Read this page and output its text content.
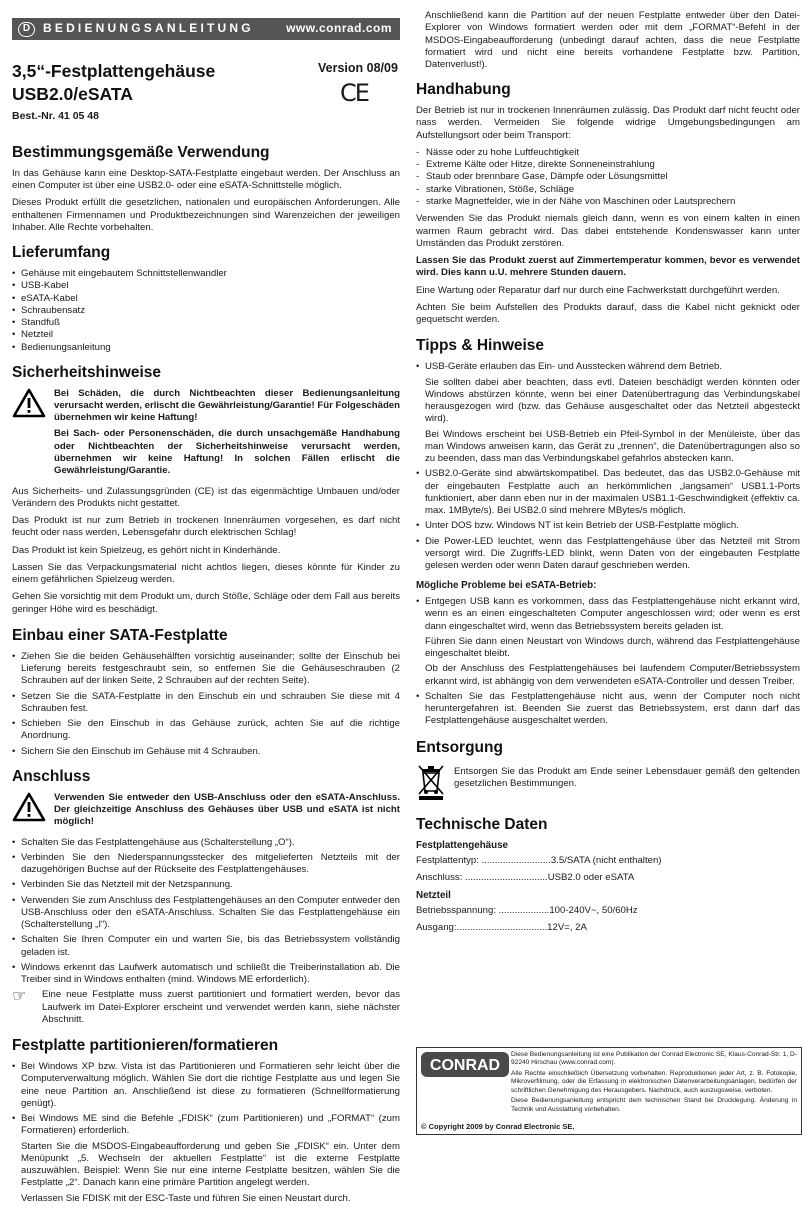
D	BEDIENUNGSANLEITUNG	www.conrad.com
3,5“-Festplattengehäuse
USB2.0/eSATA
Version 08/09
CE
Best.-Nr. 41 05 48
Bestimmungsgemäße Verwendung

In das Gehäuse kann eine Desktop-SATA-Festplatte eingebaut werden. Der Anschluss an einen Computer ist über eine USB2.0- oder eine eSATA-Schnittstelle möglich.

Dieses Produkt erfüllt die gesetzlichen, nationalen und europäischen Anforderungen. Alle enthaltenen Firmennamen und Produktbezeichnungen sind Warenzeichen der jeweiligen Inhaber. Alle Rechte vorbehalten.

Lieferumfang
• Gehäuse mit eingebautem Schnittstellenwandler
• USB-Kabel
• eSATA-Kabel
• Schraubensatz
• Standfuß
• Netzteil
• Bedienungsanleitung
Sicherheitshinweise

Bei Schäden, die durch Nichtbeachten dieser Bedienungsanleitung verursacht werden, erlischt die Gewährleistung/Garantie! Für Folgeschäden übernehmen wir keine Haftung!

Bei Sach- oder Personenschäden, die durch unsachgemäße Handhabung oder Nichtbeachten der Sicherheitshinweise verursacht werden, übernehmen wir keine Haftung! In solchen Fällen erlischt die Gewährleistung/Garantie.

Aus Sicherheits- und Zulassungsgründen (CE) ist das eigenmächtige Umbauen und/oder Verändern des Produkts nicht gestattet.

Das Produkt ist nur zum Betrieb in trockenen Innenräumen vorgesehen, es darf nicht feucht oder nass werden, Lebensgefahr durch elektrischen Schlag!

Das Produkt ist kein Spielzeug, es gehört nicht in Kinderhände.

Lassen Sie das Verpackungsmaterial nicht achtlos liegen, dieses könnte für Kinder zu einem gefährlichen Spielzeug werden.

Gehen Sie vorsichtig mit dem Produkt um, durch Stöße, Schläge oder dem Fall aus bereits geringer Höhe wird es beschädigt.

Einbau einer SATA-Festplatte
• Ziehen Sie die beiden Gehäusehälften vorsichtig auseinander; sollte der Einschub bei Lieferung bereits festgeschraubt sein, so entfernen Sie die Gehäuseschrauben (2 Schrauben auf der linken Seite, 2 Schrauben auf der rechten Seite).
• Setzen Sie die SATA-Festplatte in den Einschub ein und schrauben Sie diese mit 4 Schrauben fest.
• Schieben Sie den Einschub in das Gehäuse zurück, achten Sie auf die richtige Anordnung.
• Sichern Sie den Einschub im Gehäuse mit 4 Schrauben.
Anschluss

Verwenden Sie entweder den USB-Anschluss oder den eSATA-Anschluss. Der gleichzeitige Anschluss des Gehäuses über USB und eSATA ist nicht möglich!

• Schalten Sie das Festplattengehäuse aus (Schalterstellung „O“).
• Verbinden Sie den Niederspannungsstecker des mitgelieferten Netzteils mit der dazugehörigen Buchse auf der Rückseite des Festplattengehäuses.
• Verbinden Sie das Netzteil mit der Netzspannung.
• Verwenden Sie zum Anschluss des Festplattengehäuses an den Computer entweder den USB-Anschluss oder den eSATA-Anschluss. Schalten Sie das Festplattengehäuse ein (Schalterstellung „I“).
• Schalten Sie Ihren Computer ein und warten Sie, bis das Betriebssystem vollständig geladen ist.
• Windows erkennt das Laufwerk automatisch und schließt die Treiberinstallation ab. Die Treiber sind in Windows enthalten (mind. Windows ME erforderlich).
☞	Eine neue Festplatte muss zuerst partitioniert und formatiert werden, bevor das Laufwerk im Datei-Explorer erscheint und verwendet werden kann, siehe nächster Abschnitt.

Festplatte partitionieren/formatieren
• Bei Windows XP bzw. Vista ist das Partitionieren und Formatieren sehr leicht über die Computerverwaltung möglich. Wählen Sie dort die richtige Festplatte aus und legen Sie eine neue Partition an. Anschließend ist diese zu formatieren (Schnellformatierung genügt).
• Bei Windows ME sind die Befehle „FDISK“ (zum Partitionieren) und „FORMAT“ (zum Formatieren) erforderlich.

Starten Sie die MSDOS-Eingabeaufforderung und geben Sie „FDISK“ ein. Unter dem Menüpunkt „5. Wechseln der aktuellen Festplatte“ ist die externe Festplatte auszuwählen. Beispiel: Wenn Sie nur eine interne Festplatte besitzen, wählen Sie die Festplatte „2“. Danach kann eine primäre Partition angelegt werden.

Verlassen Sie FDISK mit der ESC-Taste und führen Sie einen Neustart durch.

Anschließend kann die Partition auf der neuen Festplatte entweder über den Datei-Explorer von Windows formatiert werden oder mit dem „FORMAT“-Befehl in der MSDOS-Eingabeaufforderung (unbedingt darauf achten, dass die neue Festplatte formatiert wird und nicht eine bereits vorhandene Festplatte bzw. Partition, Datenverlust!).

Handhabung

Der Betrieb ist nur in trockenen Innenräumen zulässig. Das Produkt darf nicht feucht oder nass werden. Vermeiden Sie folgende widrige Umgebungsbedingungen am Aufstellungsort oder beim Transport:

- Nässe oder zu hohe Luftfeuchtigkeit
- Extreme Kälte oder Hitze, direkte Sonneneinstrahlung
- Staub oder brennbare Gase, Dämpfe oder Lösungsmittel
- starke Vibrationen, Stöße, Schläge
- starke Magnetfelder, wie in der Nähe von Maschinen oder Lautsprechern

Verwenden Sie das Produkt niemals gleich dann, wenn es von einem kalten in einen warmen Raum gebracht wird. Das dabei entstehende Kondenswasser kann unter Umständen das Produkt zerstören.

Lassen Sie das Produkt zuerst auf Zimmertemperatur kommen, bevor es verwendet wird. Dies kann u.U. mehrere Stunden dauern.

Eine Wartung oder Reparatur darf nur durch eine Fachwerkstatt durchgeführt werden.

Achten Sie beim Aufstellen des Produkts darauf, dass die Kabel nicht geknickt oder gequetscht werden.

Tipps & Hinweise
• USB-Geräte erlauben das Ein- und Ausstecken während dem Betrieb.

Sie sollten dabei aber beachten, dass evtl. Dateien beschädigt werden könnten oder Windows abstürzen könnte, wenn bei einer Datenübertragung das Verbindungskabel herausgezogen wird (bzw. das Gehäuse ausgeschaltet oder das Netzteil abgesteckt wird).

Bei Windows erscheint bei USB-Betrieb ein Pfeil-Symbol in der Menüleiste, über das man Windows anweisen kann, das Gerät zu „trennen“, die Datenübertragungen also so zu beenden, dass man das Verbindungskabel gefahrlos abstecken kann.

• USB2.0-Geräte sind abwärtskompatibel. Das bedeutet, das das USB2.0-Gehäuse mit der eingebauten Festplatte auch an herkömmlichen „langsamen“ USB1.1-Ports funktioniert, aber dann eben nur in der maximalen USB1.1-Geschwindigkeit (effektiv ca. max. 1MByte/s). Bei USB2.0 sind mehrere MBytes/s möglich.
• Unter DOS bzw. Windows NT ist kein Betrieb der USB-Festplatte möglich.
• Die Power-LED leuchtet, wenn das Festplattengehäuse über das Netzteil mit Strom versorgt wird. Die Zugriffs-LED blinkt, wenn Daten von der eingebauten Festplatte gelesen werden oder wenn Daten darauf geschrieben werden.
Mögliche Probleme bei eSATA-Betrieb:
• Entgegen USB kann es vorkommen, dass das Festplattengehäuse nicht erkannt wird, wenn es an einen eingeschalteten Computer angeschlossen wird; oder wenn es erst dann eingeschaltet wird, wenn das Betriebssystem bereits geladen ist.

Führen Sie dann einen Neustart von Windows durch, während das Festplattengehäuse eingeschaltet bleibt.

Ob der Anschluss des Festplattengehäuses bei laufendem Computer/Betriebssystem erkannt wird, ist abhängig von dem verwendeten eSATA-Controller und dessen Treiber.

• Schalten Sie das Festplattengehäuse nicht aus, wenn der Computer noch nicht heruntergefahren ist. Beenden Sie zuerst das Betriebssystem, erst dann darf das Festplattengehäuse ausgeschaltet werden.
Entsorgung

Entsorgen Sie das Produkt am Ende seiner Lebensdauer gemäß den geltenden gesetzlichen Bestimmungen.

Technische Daten
Festplattengehäuse
Festplattentyp: .......................... 3.5/SATA (nicht enthalten)
Anschluss: ............................... USB2.0 oder eSATA
Netzteil
Betriebsspannung: ................... 100-240V~, 50/60Hz
Ausgang:.................................. 12V=, 2A
CONRAD

Diese Bedienungsanleitung ist eine Publikation der Conrad Electronic SE, Klaus-Conrad-Str. 1, D-92240 Hirschau (www.conrad.com).

Alle Rechte einschließlich Übersetzung vorbehalten. Reproduktionen jeder Art, z. B. Fotokopie, Mikroverfilmung, oder die Erfassung in elektronischen Datenverarbeitungsanlagen, bedürfen der schriftlichen Genehmigung des Herausgebers. Nachdruck, auch auszugsweise, verboten.

Diese Bedienungsanleitung entspricht dem technischen Stand bei Drucklegung. Änderung in Technik und Ausstattung vorbehalten.

© Copyright 2009 by Conrad Electronic SE.
